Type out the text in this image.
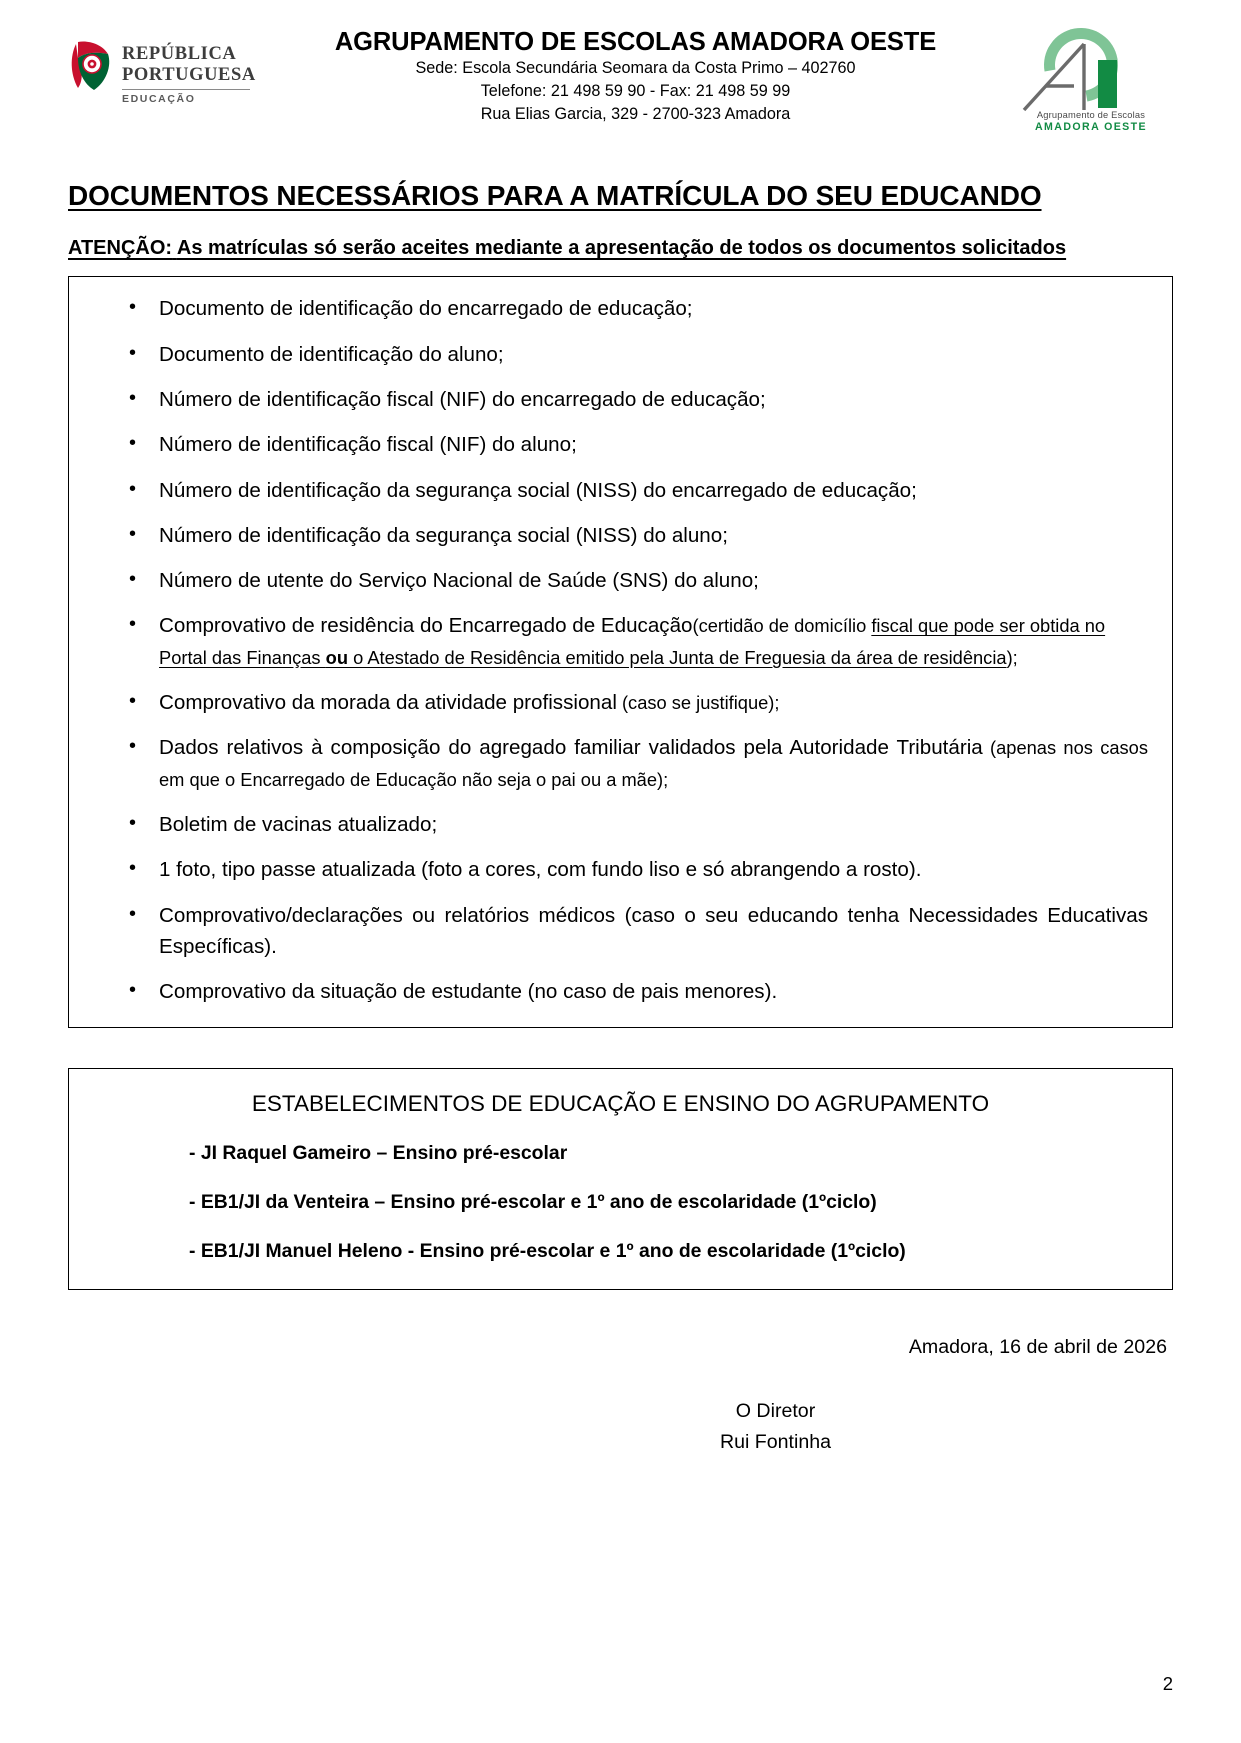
REPÚBLICA
PORTUGUESA
EDUCAÇÃO
AGRUPAMENTO DE ESCOLAS AMADORA OESTE
Sede: Escola Secundária Seomara da Costa Primo – 402760
Telefone: 21 498 59 90 - Fax: 21 498 59 99
Rua Elias Garcia, 329 - 2700-323 Amadora	Agrupamento de Escolas
AMADORA OESTE
DOCUMENTOS NECESSÁRIOS PARA A MATRÍCULA DO SEU EDUCANDO
ATENÇÃO: As matrículas só serão aceites mediante a apresentação de todos os documentos solicitados
• Documento de identificação do encarregado de educação;
• Documento de identificação do aluno;
• Número de identificação fiscal (NIF) do encarregado de educação;
• Número de identificação fiscal (NIF) do aluno;
• Número de identificação da segurança social (NISS) do encarregado de educação;
• Número de identificação da segurança social (NISS) do aluno;
• Número de utente do Serviço Nacional de Saúde (SNS) do aluno;
• Comprovativo de residência do Encarregado de Educação(certidão de domicílio fiscal que pode ser obtida no Portal das Finanças ou o Atestado de Residência emitido pela Junta de Freguesia da área de residência);
• Comprovativo da morada da atividade profissional (caso se justifique);
• Dados relativos à composição do agregado familiar validados pela Autoridade Tributária (apenas nos casos em que o Encarregado de Educação não seja o pai ou a mãe);
• Boletim de vacinas atualizado;
• 1 foto, tipo passe atualizada (foto a cores, com fundo liso e só abrangendo a rosto).
• Comprovativo/declarações ou relatórios médicos (caso o seu educando tenha Necessidades Educativas Específicas).
• Comprovativo da situação de estudante (no caso de pais menores).
ESTABELECIMENTOS DE EDUCAÇÃO E ENSINO DO AGRUPAMENTO
- JI Raquel Gameiro – Ensino pré-escolar
- EB1/JI da Venteira – Ensino pré-escolar e 1º ano de escolaridade (1ºciclo)
- EB1/JI Manuel Heleno - Ensino pré-escolar e 1º ano de escolaridade (1ºciclo)
Amadora, 16 de abril de 2026
O Diretor
Rui Fontinha
2
